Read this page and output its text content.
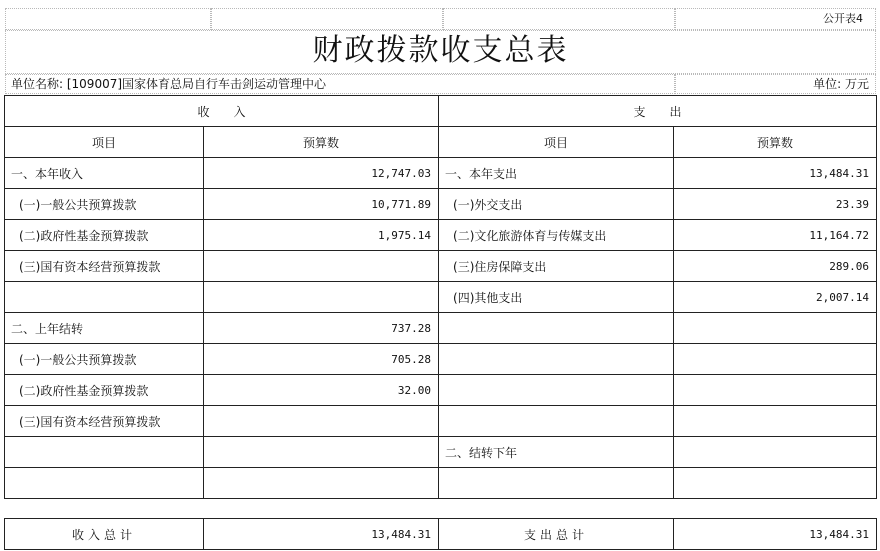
公开表4
财政拨款收支总表
单位名称: [109007]国家体育总局自行车击剑运动管理中心	单位: 万元
收　　入		支　　出	
项目	预算数	项目	预算数
一、本年收入	12,747.03	一、本年支出	13,484.31
(一)一般公共预算拨款	10,771.89	(一)外交支出	23.39
(二)政府性基金预算拨款	1,975.14	(二)文化旅游体育与传媒支出	11,164.72
(三)国有资本经营预算拨款		(三)住房保障支出	289.06
		(四)其他支出	2,007.14
二、上年结转	737.28		
(一)一般公共预算拨款	705.28		
(二)政府性基金预算拨款	32.00		
(三)国有资本经营预算拨款			
		二、结转下年	

收入总计	13,484.31	支出总计	13,484.31
